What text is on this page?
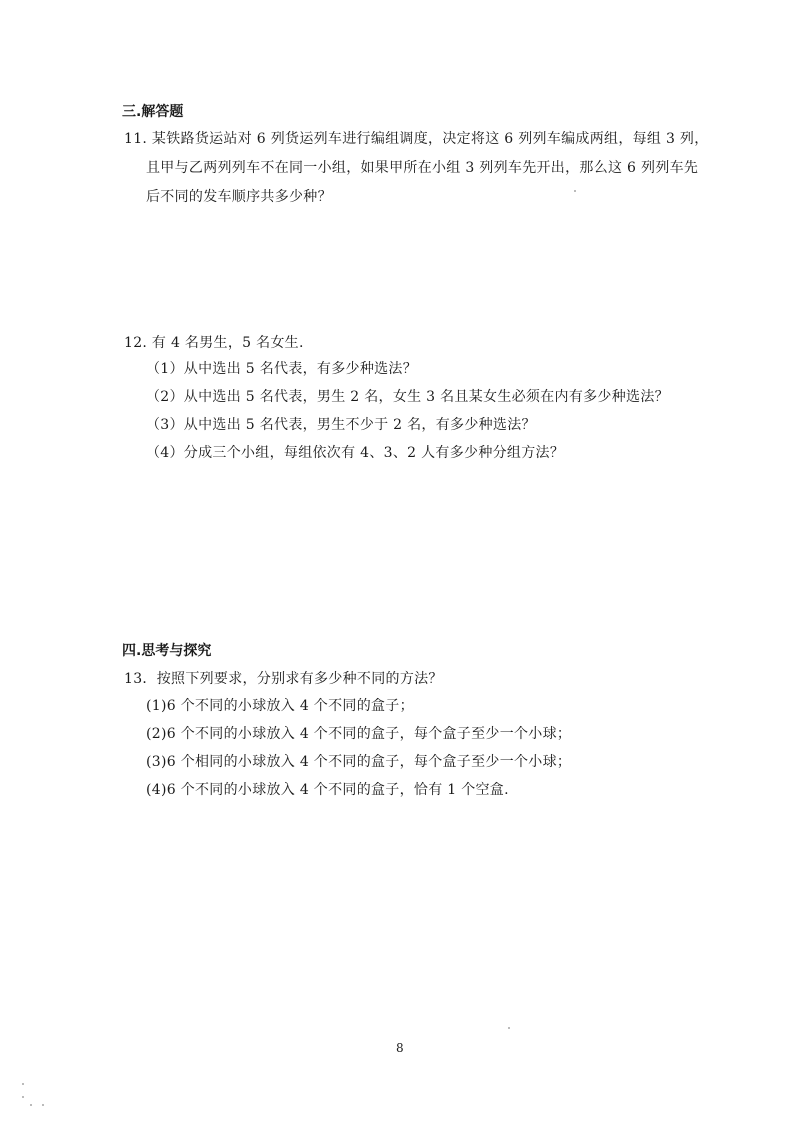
三.解答题
11. 某铁路货运站对 6 列货运列车进行编组调度，决定将这 6 列列车编成两组，每组 3 列，
且甲与乙两列列车不在同一小组，如果甲所在小组 3 列列车先开出，那么这 6 列列车先
后不同的发车顺序共多少种？
12. 有 4 名男生，5 名女生.
（1）从中选出 5 名代表，有多少种选法？
（2）从中选出 5 名代表，男生 2 名，女生 3 名且某女生必须在内有多少种选法？
（3）从中选出 5 名代表，男生不少于 2 名，有多少种选法？
（4）分成三个小组，每组依次有 4、3、2 人有多少种分组方法？
四.思考与探究
13．按照下列要求，分别求有多少种不同的方法？
(1)6 个不同的小球放入 4 个不同的盒子；
(2)6 个不同的小球放入 4 个不同的盒子，每个盒子至少一个小球；
(3)6 个相同的小球放入 4 个不同的盒子，每个盒子至少一个小球；
(4)6 个不同的小球放入 4 个不同的盒子，恰有 1 个空盒.
8
